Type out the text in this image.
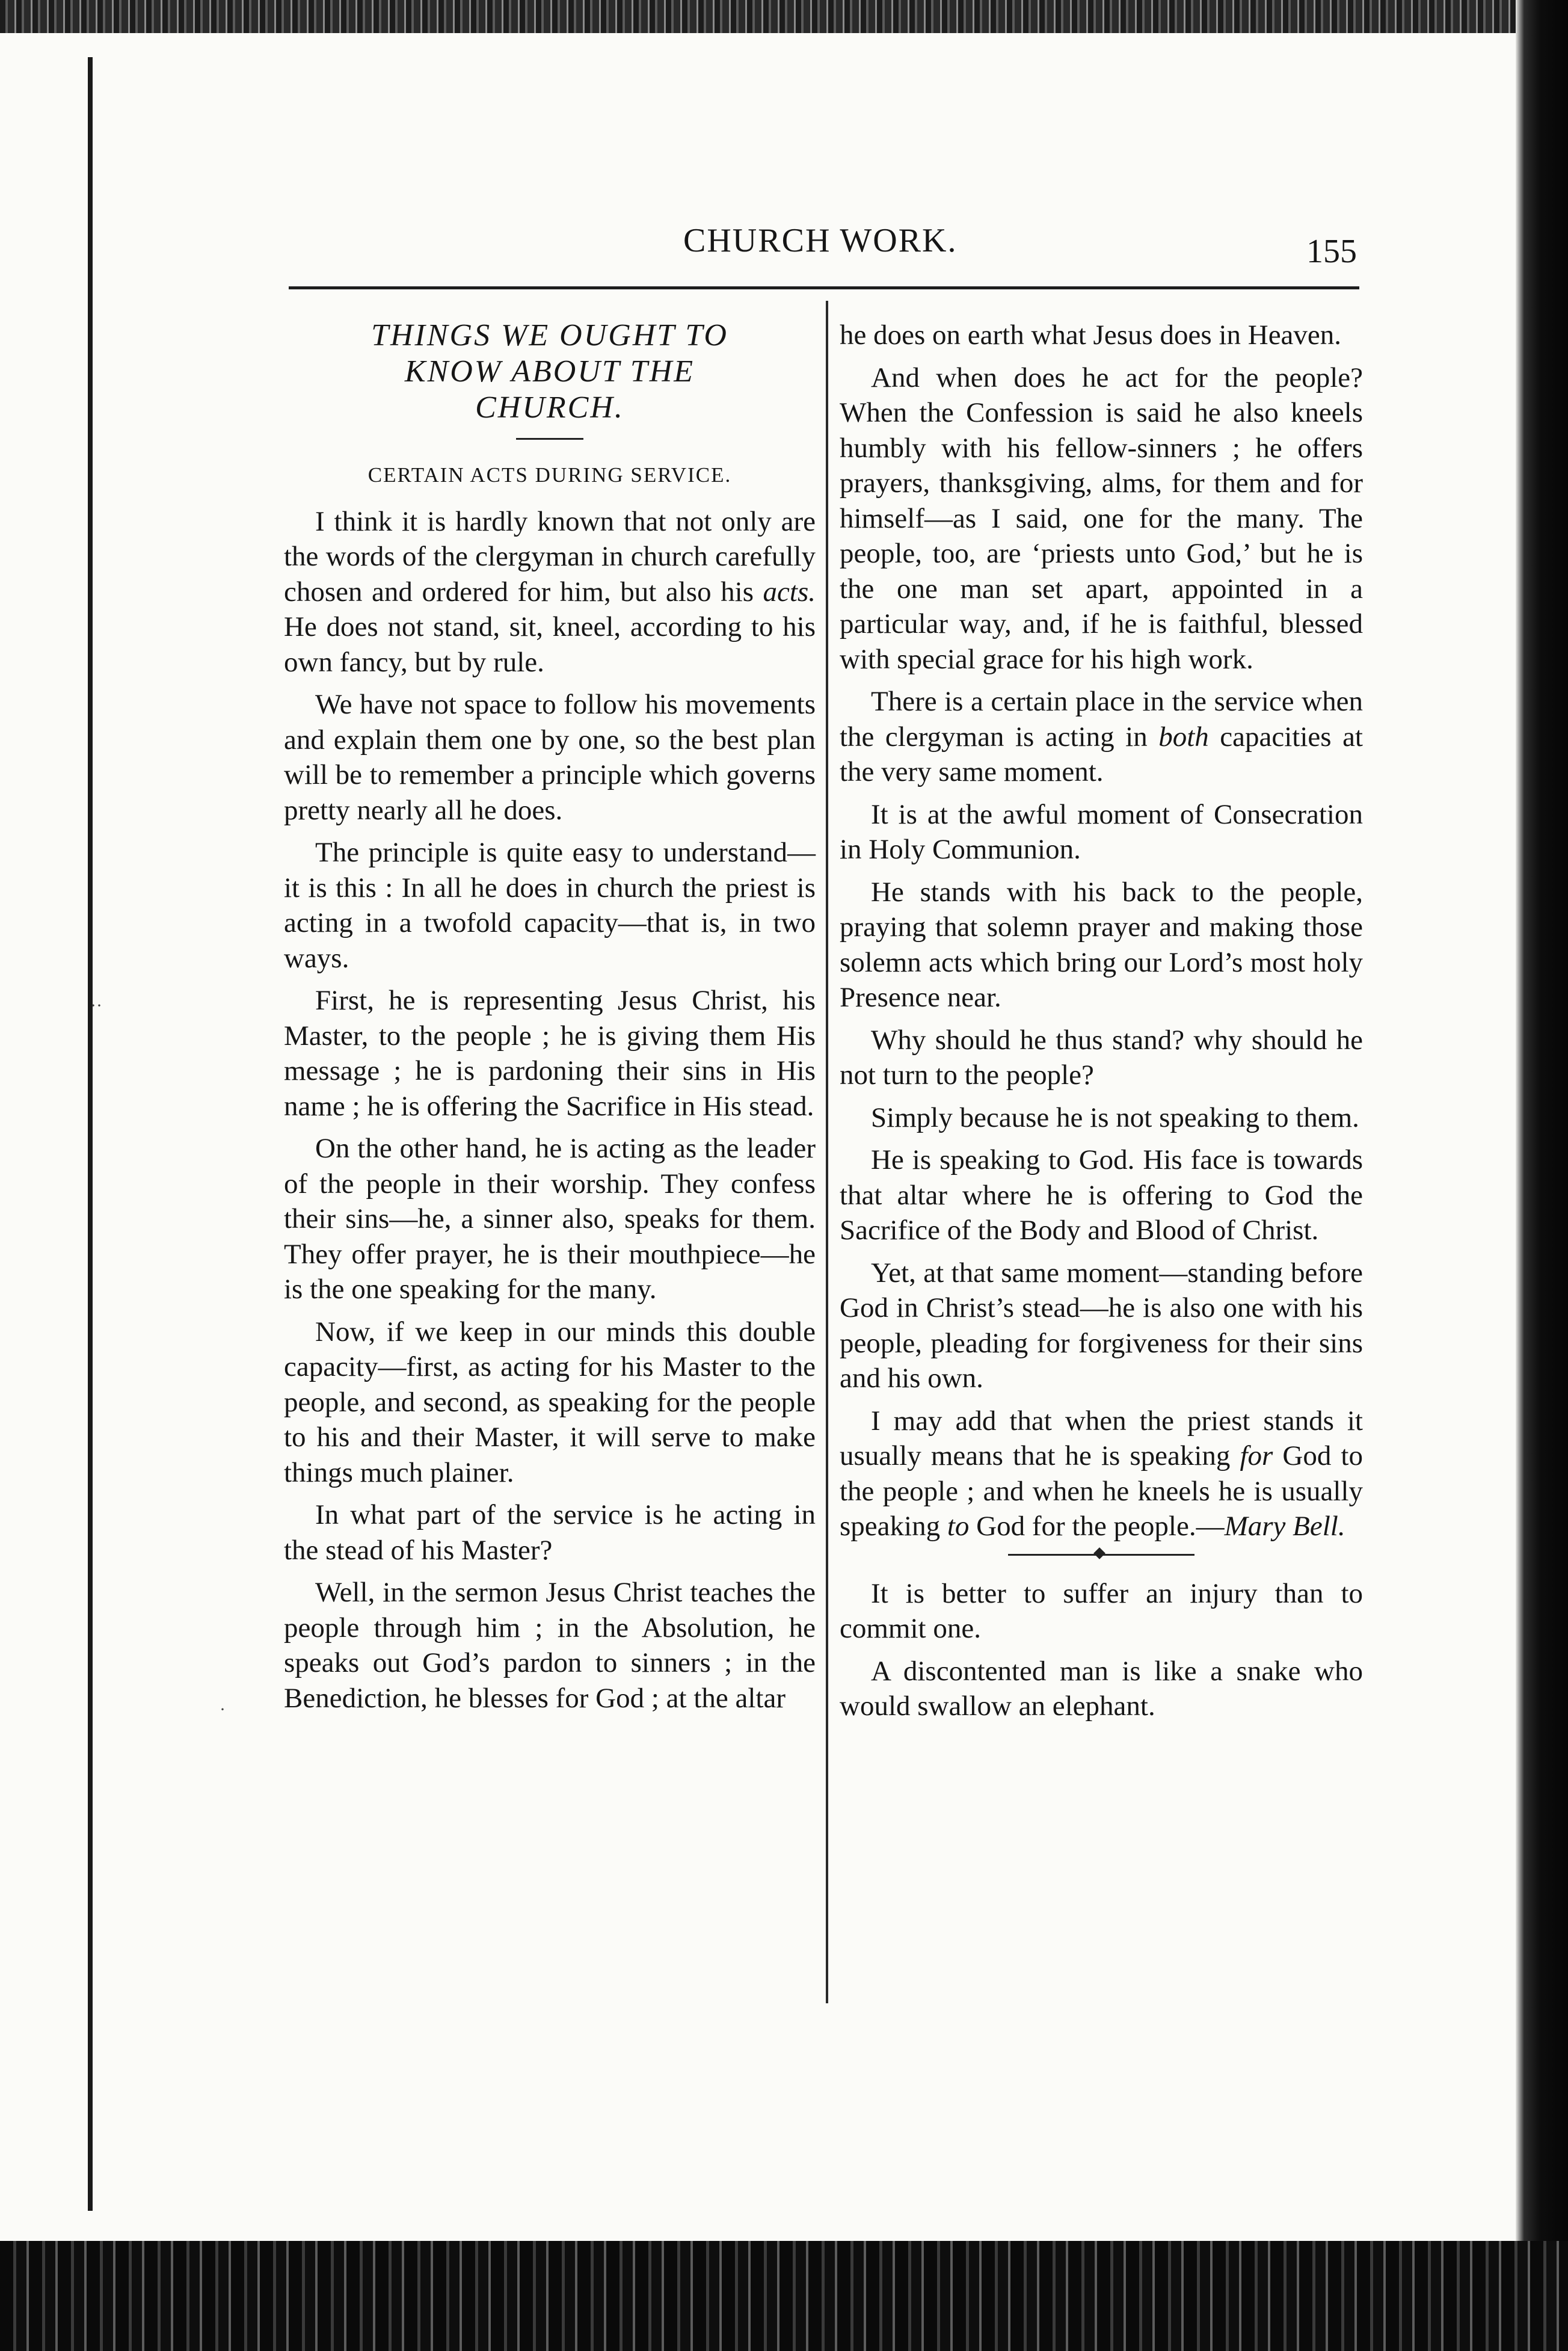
··
·
CHURCH WORK.	155
THINGS WE OUGHT TO
KNOW ABOUT THE
CHURCH.
CERTAIN ACTS DURING SERVICE.

I think it is hardly known that not only are the words of the clergyman in church carefully chosen and ordered for him, but also his acts. He does not stand, sit, kneel, according to his own fancy, but by rule.

We have not space to follow his movements and explain them one by one, so the best plan will be to remember a principle which governs pretty nearly all he does.

The principle is quite easy to understand—it is this : In all he does in church the priest is acting in a twofold capacity—that is, in two ways.

First, he is representing Jesus Christ, his Master, to the people ; he is giving them His message ; he is pardoning their sins in His name ; he is offering the Sacrifice in His stead.

On the other hand, he is acting as the leader of the people in their worship. They confess their sins—he, a sinner also, speaks for them. They offer prayer, he is their mouthpiece—he is the one speaking for the many.

Now, if we keep in our minds this double capacity—first, as acting for his Master to the people, and second, as speaking for the people to his and their Master, it will serve to make things much plainer.

In what part of the service is he acting in the stead of his Master?

Well, in the sermon Jesus Christ teaches the people through him ; in the Absolution, he speaks out God’s pardon to sinners ; in the Benediction, he blesses for God ; at the altar

he does on earth what Jesus does in Heaven.

And when does he act for the people? When the Confession is said he also kneels humbly with his fellow-sinners ; he offers prayers, thanksgiving, alms, for them and for himself—as I said, one for the many. The people, too, are ‘priests unto God,’ but he is the one man set apart, appointed in a particular way, and, if he is faithful, blessed with special grace for his high work.

There is a certain place in the service when the clergyman is acting in both capacities at the very same moment.

It is at the awful moment of Consecration in Holy Communion.

He stands with his back to the people, praying that solemn prayer and making those solemn acts which bring our Lord’s most holy Presence near.

Why should he thus stand? why should he not turn to the people?

Simply because he is not speaking to them.

He is speaking to God. His face is towards that altar where he is offering to God the Sacrifice of the Body and Blood of Christ.

Yet, at that same moment—standing before God in Christ’s stead—he is also one with his people, pleading for forgiveness for their sins and his own.

I may add that when the priest stands it usually means that he is speaking for God to the people ; and when he kneels he is usually speaking to God for the people.—Mary Bell.

It is better to suffer an injury than to commit one.

A discontented man is like a snake who would swallow an elephant.
